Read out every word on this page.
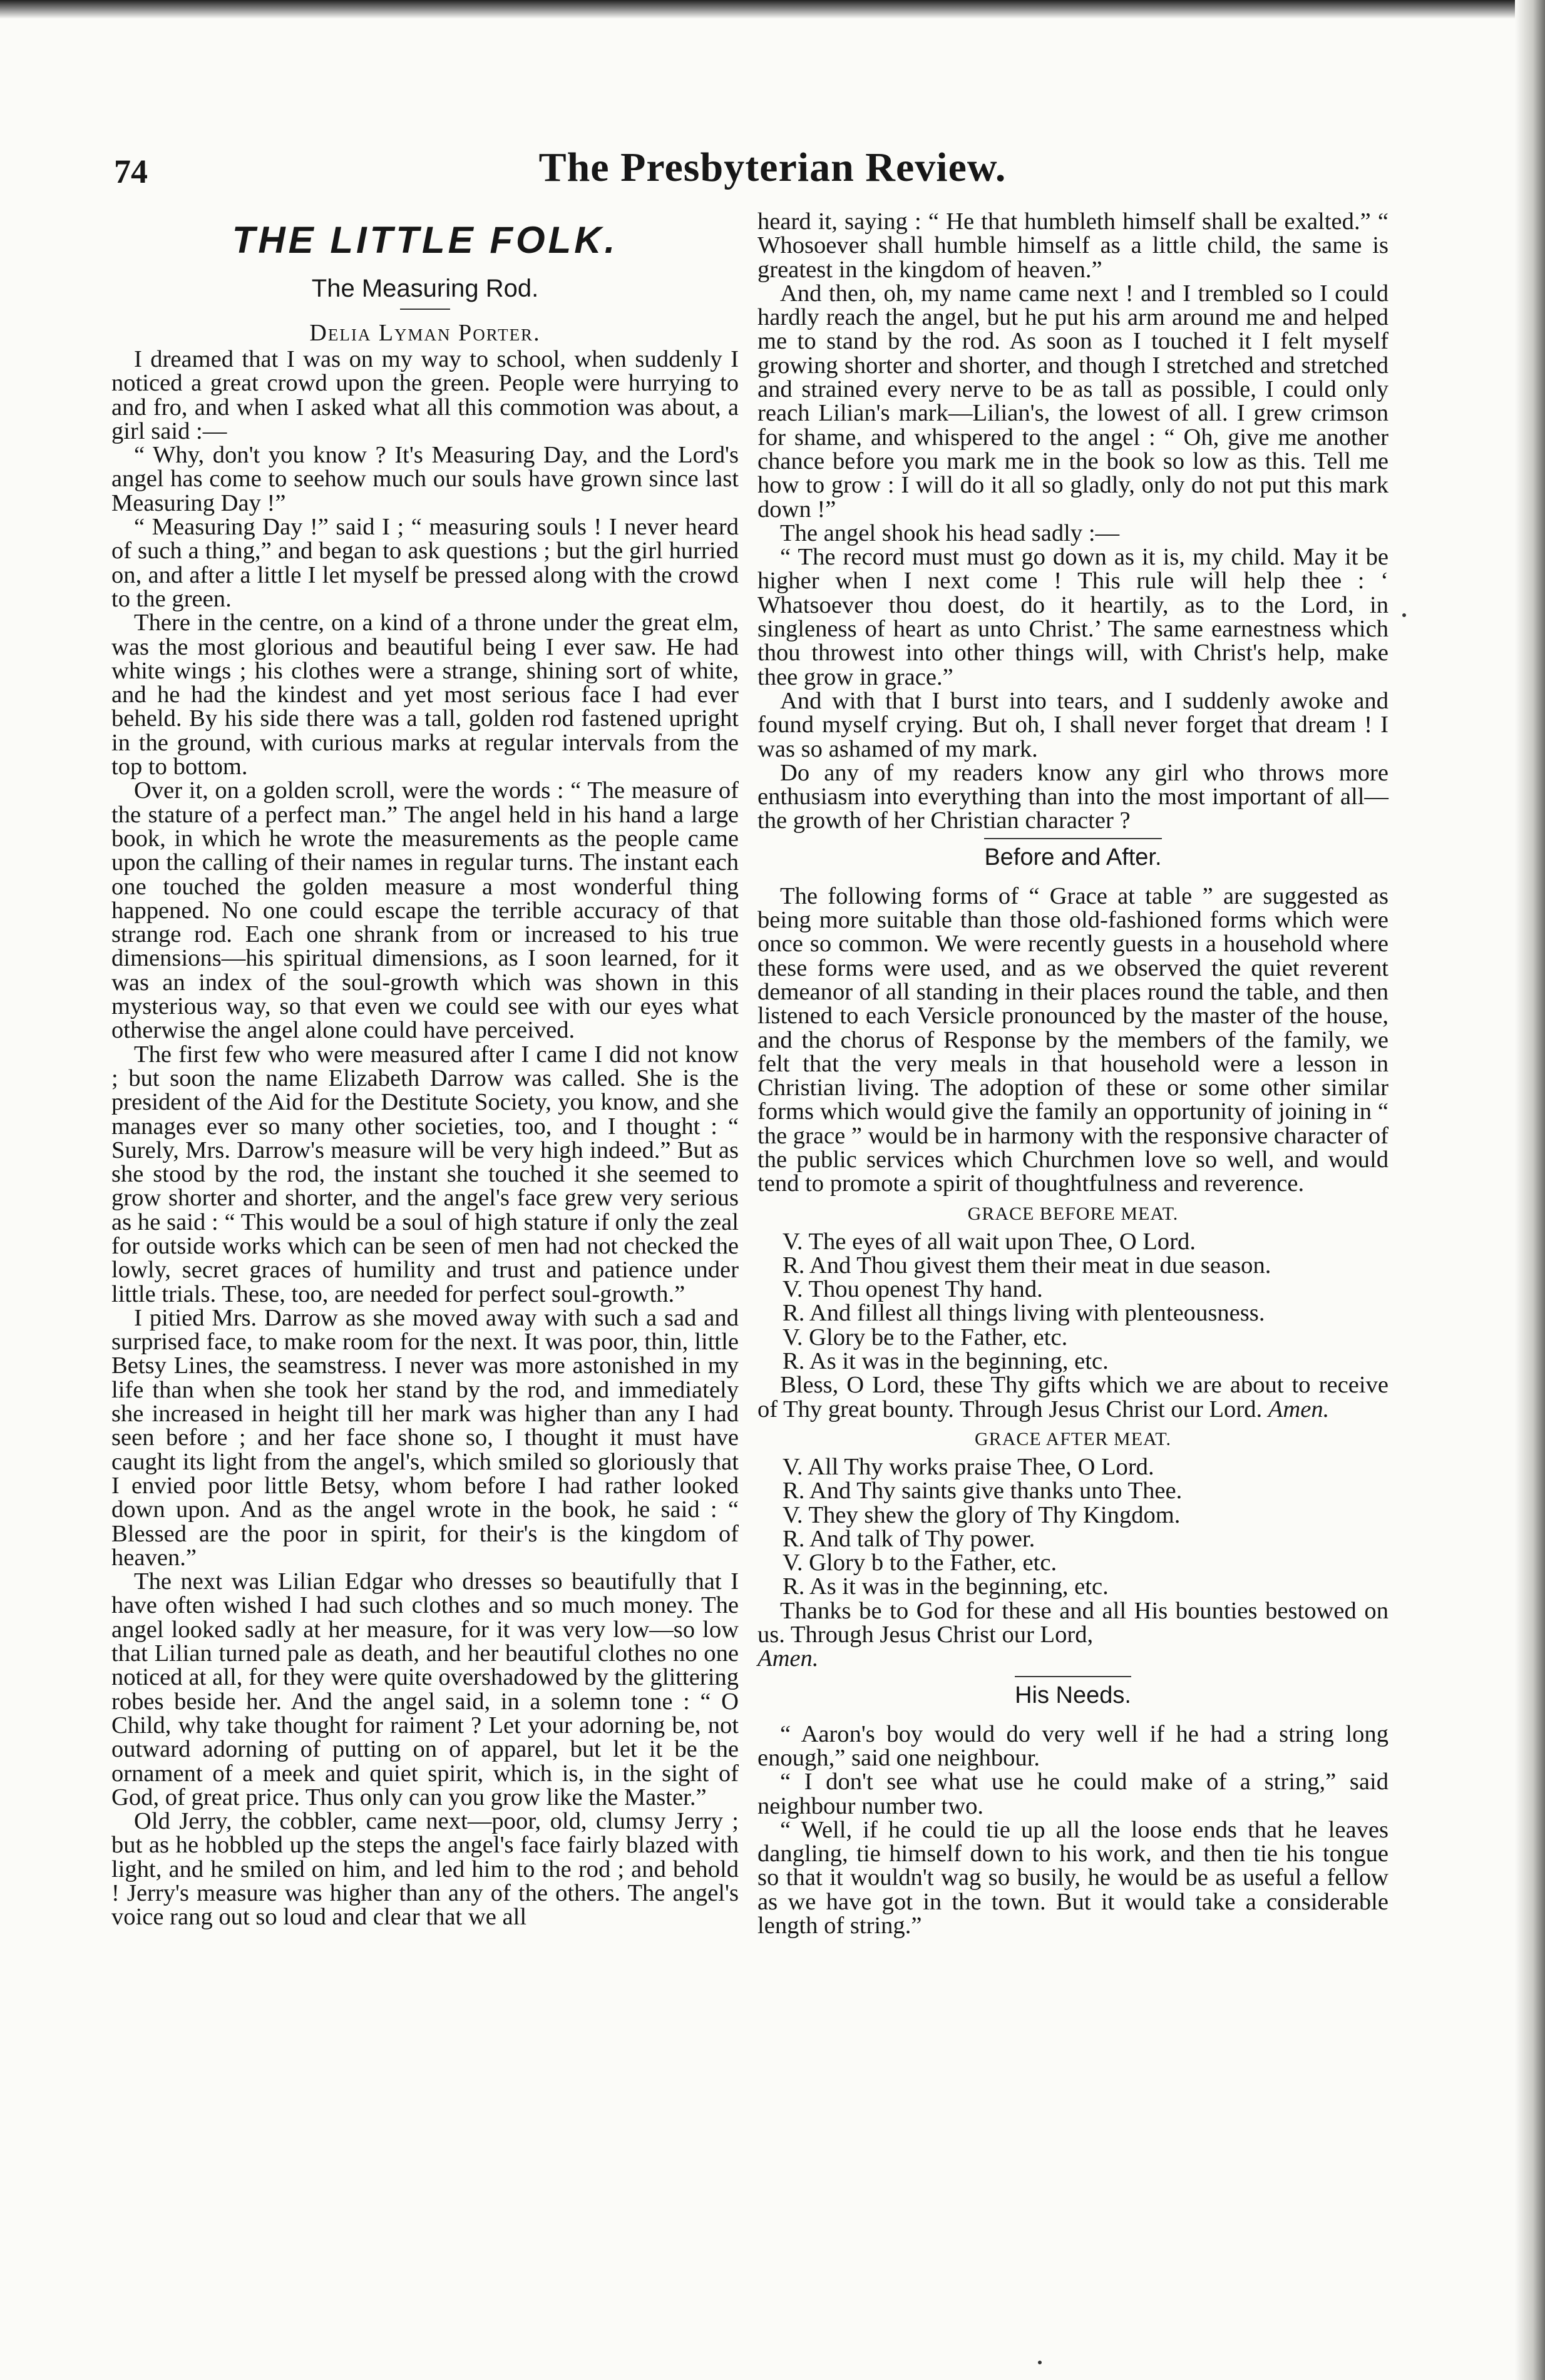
74	The Presbyterian Review.
THE LITTLE FOLK.

The Measuring Rod.

Delia Lyman Porter.

I dreamed that I was on my way to school, when suddenly I noticed a great crowd upon the green. People were hurrying to and fro, and when I asked what all this commotion was about, a girl said :—

“ Why, don't you know ? It's Measuring Day, and the Lord's angel has come to seehow much our souls have grown since last Measuring Day !”

“ Measuring Day !” said I ; “ measuring souls ! I never heard of such a thing,” and began to ask questions ; but the girl hurried on, and after a little I let myself be pressed along with the crowd to the green.

There in the centre, on a kind of a throne under the great elm, was the most glorious and beautiful being I ever saw. He had white wings ; his clothes were a strange, shining sort of white, and he had the kindest and yet most serious face I had ever beheld. By his side there was a tall, golden rod fastened upright in the ground, with curious marks at regular intervals from the top to bottom.

Over it, on a golden scroll, were the words : “ The measure of the stature of a perfect man.” The angel held in his hand a large book, in which he wrote the measurements as the people came upon the calling of their names in regular turns. The instant each one touched the golden measure a most wonderful thing happened. No one could escape the terrible accuracy of that strange rod. Each one shrank from or increased to his true dimensions—his spiritual dimensions, as I soon learned, for it was an index of the soul-growth which was shown in this mysterious way, so that even we could see with our eyes what otherwise the angel alone could have perceived.

The first few who were measured after I came I did not know ; but soon the name Elizabeth Darrow was called. She is the president of the Aid for the Destitute Society, you know, and she manages ever so many other societies, too, and I thought : “ Surely, Mrs. Darrow's measure will be very high indeed.” But as she stood by the rod, the instant she touched it she seemed to grow shorter and shorter, and the angel's face grew very serious as he said : “ This would be a soul of high stature if only the zeal for outside works which can be seen of men had not checked the lowly, secret graces of humility and trust and patience under little trials. These, too, are needed for perfect soul-growth.”

I pitied Mrs. Darrow as she moved away with such a sad and surprised face, to make room for the next. It was poor, thin, little Betsy Lines, the seamstress. I never was more astonished in my life than when she took her stand by the rod, and immediately she increased in height till her mark was higher than any I had seen before ; and her face shone so, I thought it must have caught its light from the angel's, which smiled so gloriously that I envied poor little Betsy, whom before I had rather looked down upon. And as the angel wrote in the book, he said : “ Blessed are the poor in spirit, for their's is the kingdom of heaven.”

The next was Lilian Edgar who dresses so beautifully that I have often wished I had such clothes and so much money. The angel looked sadly at her measure, for it was very low—so low that Lilian turned pale as death, and her beautiful clothes no one noticed at all, for they were quite overshadowed by the glittering robes beside her. And the angel said, in a solemn tone : “ O Child, why take thought for raiment ? Let your adorning be, not outward adorning of putting on of apparel, but let it be the ornament of a meek and quiet spirit, which is, in the sight of God, of great price. Thus only can you grow like the Master.”

Old Jerry, the cobbler, came next—poor, old, clumsy Jerry ; but as he hobbled up the steps the angel's face fairly blazed with light, and he smiled on him, and led him to the rod ; and behold ! Jerry's measure was higher than any of the others. The angel's voice rang out so loud and clear that we all

heard it, saying : “ He that humbleth himself shall be exalted.” “ Whosoever shall humble himself as a little child, the same is greatest in the kingdom of heaven.”

And then, oh, my name came next ! and I trembled so I could hardly reach the angel, but he put his arm around me and helped me to stand by the rod. As soon as I touched it I felt myself growing shorter and shorter, and though I stretched and stretched and strained every nerve to be as tall as possible, I could only reach Lilian's mark—Lilian's, the lowest of all. I grew crimson for shame, and whispered to the angel : “ Oh, give me another chance before you mark me in the book so low as this. Tell me how to grow : I will do it all so gladly, only do not put this mark down !”

The angel shook his head sadly :—

“ The record must must go down as it is, my child. May it be higher when I next come ! This rule will help thee : ‘ Whatsoever thou doest, do it heartily, as to the Lord, in singleness of heart as unto Christ.’ The same earnestness which thou throwest into other things will, with Christ's help, make thee grow in grace.”

And with that I burst into tears, and I suddenly awoke and found myself crying. But oh, I shall never forget that dream ! I was so ashamed of my mark.

Do any of my readers know any girl who throws more enthusiasm into everything than into the most important of all—the growth of her Christian character ?

Before and After.

The following forms of “ Grace at table ” are suggested as being more suitable than those old-fashioned forms which were once so common. We were recently guests in a household where these forms were used, and as we observed the quiet reverent demeanor of all standing in their places round the table, and then listened to each Versicle pronounced by the master of the house, and the chorus of Response by the members of the family, we felt that the very meals in that household were a lesson in Christian living. The adoption of these or some other similar forms which would give the family an opportunity of joining in “ the grace ” would be in harmony with the responsive character of the public services which Churchmen love so well, and would tend to promote a spirit of thoughtfulness and reverence.

GRACE BEFORE MEAT.
V. The eyes of all wait upon Thee, O Lord.
R. And Thou givest them their meat in due season.
V. Thou openest Thy hand.
R. And fillest all things living with plenteousness.
V. Glory be to the Father, etc.
R. As it was in the beginning, etc.

Bless, O Lord, these Thy gifts which we are about to receive of Thy great bounty. Through Jesus Christ our Lord. Amen.

GRACE AFTER MEAT.
V. All Thy works praise Thee, O Lord.
R. And Thy saints give thanks unto Thee.
V. They shew the glory of Thy Kingdom.
R. And talk of Thy power.
V. Glory b to the Father, etc.
R. As it was in the beginning, etc.

Thanks be to God for these and all His bounties bestowed on us. Through Jesus Christ our Lord,
Amen.

His Needs.

“ Aaron's boy would do very well if he had a string long enough,” said one neighbour.

“ I don't see what use he could make of a string,” said neighbour number two.

“ Well, if he could tie up all the loose ends that he leaves dangling, tie himself down to his work, and then tie his tongue so that it wouldn't wag so busily, he would be as useful a fellow as we have got in the town. But it would take a considerable length of string.”
